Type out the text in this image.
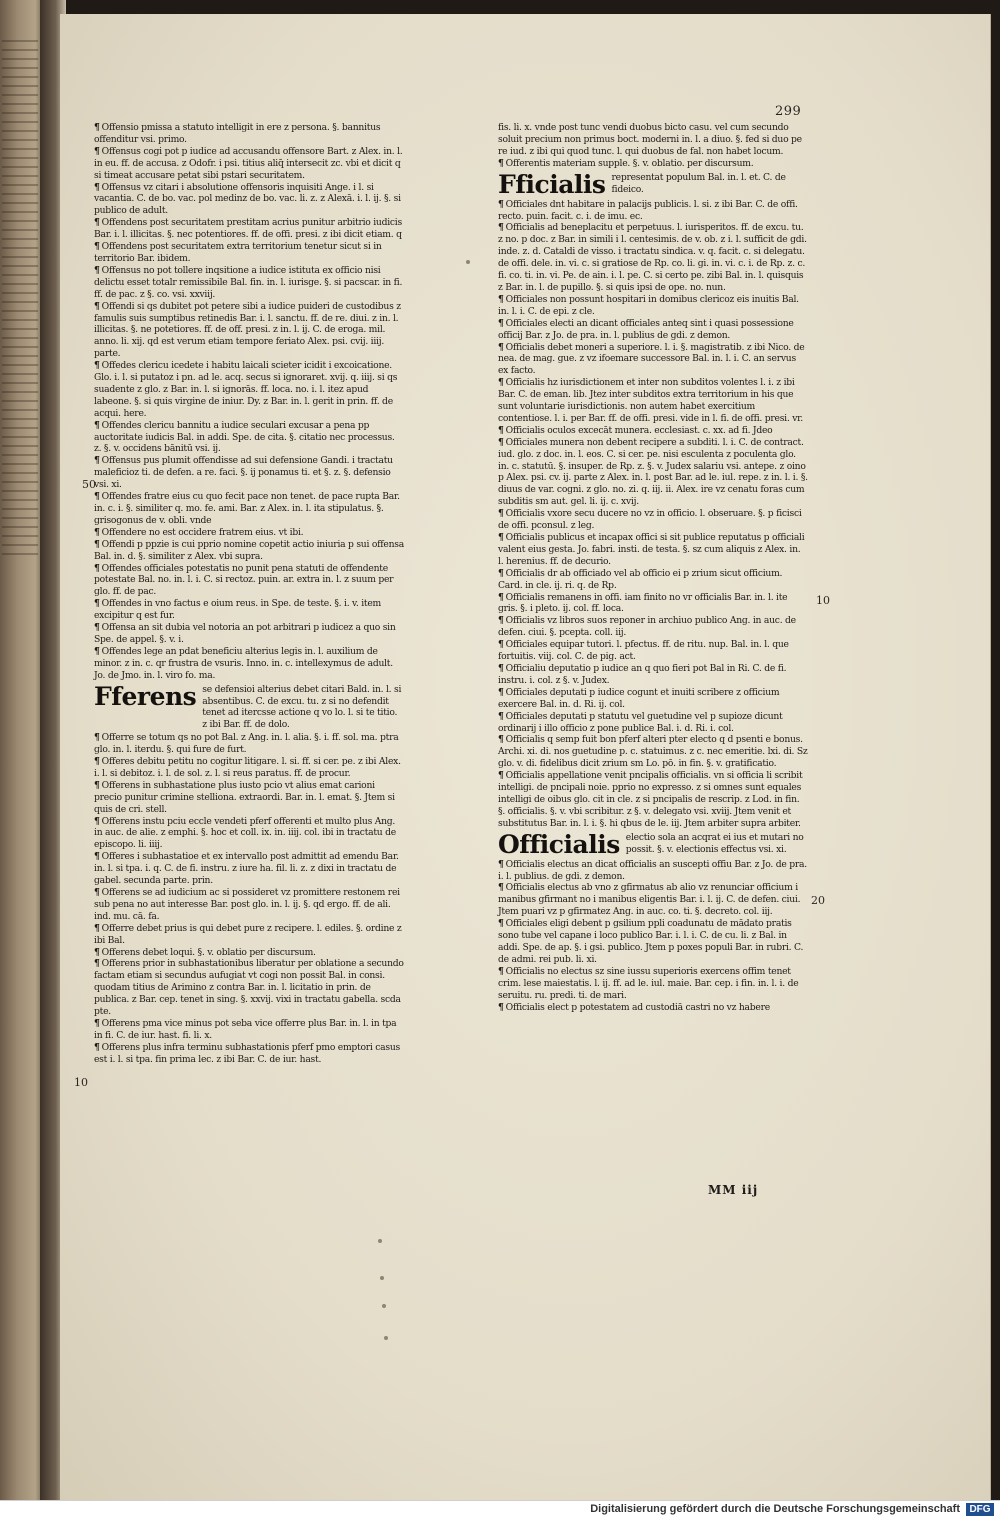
299
50
10
10
20

¶ Offensio pmissa a statuto intelligit in ere z persona. §. bannitus offenditur vsi. primo.

¶ Offensus cogi pot p iudice ad accusandu offensore Bart. z Alex. in. l. in eu. ff. de accusa. z Odofr. i psi. titius aliq̄ intersecit zc. vbi et dicit q si timeat accusare petat sibi pstari securitatem.

¶ Offensus vz citari i absolutione offensoris inquisiti Ange. i l. si vacantia. C. de bo. vac. pol medinz de bo. vac. li. z. z Alexā. i. l. ij. §. si publico de adult.

¶ Offendens post securitatem prestitam acrius punitur arbitrio iudicis Bar. i. l. illicitas. §. nec potentiores. ff. de offi. presi. z ibi dicit etiam. q

¶ Offendens post securitatem extra territorium tenetur sicut si in territorio Bar. ibidem.

¶ Offensus no pot tollere inqsitione a iudice istituta ex officio nisi delictu esset totalr remissibile Bal. fin. in. l. iurisge. §. si pacscar. in fi. ff. de pac. z §. co. vsi. xxviij.

¶ Offendi si qs dubitet pot petere sibi a iudice puideri de custodibus z famulis suis sumptibus retinedis Bar. i. l. sanctu. ff. de re. diui. z in. l. illicitas. §. ne potetiores. ff. de off. presi. z in. l. ij. C. de eroga. mil. anno. li. xij. qd est verum etiam tempore feriato Alex. psi. cvij. iiij. parte.

¶ Offedes clericu icedete i habitu laicali scieter icidit i excoicatione. Glo. i. l. si putatoz i pn. ad le. acq. secus si ignoraret. xvij. q. iiij. si qs suadente z glo. z Bar. in. l. si ignorās. ff. loca. no. i. l. itez apud labeone. §. si quis virgine de iniur. Dy. z Bar. in. l. gerit in prin. ff. de acqui. here.

¶ Offendes clericu bannitu a iudice seculari excusar a pena pp auctoritate iudicis Bal. in addi. Spe. de cita. §. citatio nec processus. z. §. v. occidens bānitū vsi. ij.

¶ Offensus pus plumit offendisse ad sui defensione Gandi. i tractatu maleficioz ti. de defen. a re. faci. §. ij ponamus ti. et §. z. §. defensio vsi. xi.

¶ Offendes fratre eius cu quo fecit pace non tenet. de pace rupta Bar. in. c. i. §. similiter q. mo. fe. ami. Bar. z Alex. in. l. ita stipulatus. §. grisogonus de v. obli. vnde

¶ Offendere no est occidere fratrem eius. vt ibi.

¶ Offendi p ppzie is cui pprio nomine copetit actio iniuria p sui offensa Bal. in. d. §. similiter z Alex. vbi supra.

¶ Offendes officiales potestatis no punit pena statuti de offendente potestate Bal. no. in. l. i. C. si rectoz. puin. ar. extra in. l. z suum per glo. ff. de pac.

¶ Offendes in vno factus e oium reus. in Spe. de teste. §. i. v. item excipitur q est fur.

¶ Offensa an sit dubia vel notoria an pot arbitrari p iudicez a quo sin Spe. de appel. §. v. i.

¶ Offendes lege an pdat beneficiu alterius legis in. l. auxilium de minor. z in. c. qr frustra de vsuris. Inno. in. c. intellexymus de adult. Jo. de Jmo. in. l. viro fo. ma.

Fferens se defensioi alterius debet citari Bald. in. l. si absentibus. C. de excu. tu. z si no defendit tenet ad itercsse actione q vo lo. l. si te titio. z ibi Bar. ff. de dolo.

¶ Offerre se totum qs no pot Bal. z Ang. in. l. alia. §. i. ff. sol. ma. ptra glo. in. l. iterdu. §. qui fure de furt.

¶ Offeres debitu petitu no cogitur litigare. l. si. ff. si cer. pe. z ibi Alex. i. l. si debitoz. i. l. de sol. z. l. si reus paratus. ff. de procur.

¶ Offerens in subhastatione plus iusto pcio vt alius emat carioni precio punitur crimine stelliona. extraordi. Bar. in. l. emat. §. Jtem si quis de cri. stell.

¶ Offerens instu pciu eccle vendeti pferf offerenti et multo plus Ang. in auc. de alie. z emphi. §. hoc et coll. ix. in. iiij. col. ibi in tractatu de episcopo. li. iiij.

¶ Offeres i subhastatioe et ex intervallo post admittit ad emendu Bar. in. l. si tpa. i. q. C. de fi. instru. z iure ha. fil. li. z. z dixi in tractatu de gabel. secunda parte. prin.

¶ Offerens se ad iudicium ac si possideret vz promittere restonem rei sub pena no aut interesse Bar. post glo. in. l. ij. §. qd ergo. ff. de ali. ind. mu. cā. fa.

¶ Offerre debet prius is qui debet pure z recipere. l. ediles. §. ordine z ibi Bal.

¶ Offerens debet loqui. §. v. oblatio per discursum.

¶ Offerens prior in subhastationibus liberatur per oblatione a secundo factam etiam si secundus aufugiat vt cogi non possit Bal. in consi. quodam titius de Arimino z contra Bar. in. l. licitatio in prin. de publica. z Bar. cep. tenet in sing. §. xxvij. vixi in tractatu gabella. scda pte.

¶ Offerens pma vice minus pot seba vice offerre plus Bar. in. l. in tpa in fi. C. de iur. hast. fi. li. x.

¶ Offerens plus infra terminu subhastationis pferf pmo emptori casus est i. l. si tpa. fin prima lec. z ibi Bar. C. de iur. hast.

fis. li. x. vnde post tunc vendi duobus bicto casu. vel cum secundo soluit precium non primus boct. moderni in. l. a diuo. §. fed si duo pe re iud. z ibi qui quod tunc. l. qui duobus de fal. non habet locum.

¶ Offerentis materiam supple. §. v. oblatio. per discursum.

Fficialis representat populum Bal. in. l. et. C. de fideico.

¶ Officiales dnt habitare in palacijs publicis. l. si. z ibi Bar. C. de offi. recto. puin. facit. c. i. de imu. ec.

¶ Officialis ad beneplacitu et perpetuus. l. iurisperitos. ff. de excu. tu. z no. p doc. z Bar. in simili i l. centesimis. de v. ob. z i. l. sufficit de gdi. inde. z. d. Cataldi de visso. i tractatu sindica. v. q. facit. c. si delegatu. de offi. dele. in. vi. c. si gratiose de Rp. co. li. gi. in. vi. c. i. de Rp. z. c. fi. co. ti. in. vi. Pe. de ain. i. l. pe. C. si certo pe. zibi Bal. in. l. quisquis z Bar. in. l. de pupillo. §. si quis ipsi de ope. no. nun.

¶ Officiales non possunt hospitari in domibus clericoz eis inuitis Bal. in. l. i. C. de epi. z cle.

¶ Officiales electi an dicant officiales anteq sint i quasi possessione officij Bar. z Jo. de pra. in. l. publius de gdi. z demon.

¶ Officialis debet moneri a superiore. l. i. §. magistratib. z ibi Nico. de nea. de mag. gue. z vz ifoemare successore Bal. in. l. i. C. an servus ex facto.

¶ Officialis hz iurisdictionem et inter non subditos volentes l. i. z ibi Bar. C. de eman. lib. Jtez inter subditos extra territorium in his que sunt voluntarie iurisdictionis. non autem habet exercitium contentiose. l. i. per Bar. ff. de offi. presi. vide in l. fi. de offi. presi. vr.

¶ Officialis oculos excecāt munera. ecclesiast. c. xx. ad fi. Jdeo

¶ Officiales munera non debent recipere a subditi. l. i. C. de contract. iud. glo. z doc. in. l. eos. C. si cer. pe. nisi esculenta z poculenta glo. in. c. statutū. §. insuper. de Rp. z. §. v. Judex salariu vsi. antepe. z oino p Alex. psi. cv. ij. parte z Alex. in. l. post Bar. ad le. iul. repe. z in. l. i. §. diuus de var. cogni. z glo. no. zi. q. iij. ii. Alex. ire vz cenatu foras cum subditis sm aut. gel. li. ij. c. xvij.

¶ Officialis vxore secu ducere no vz in officio. l. obseruare. §. p ficisci de offi. pconsul. z leg.

¶ Officialis publicus et incapax offici si sit publice reputatus p officiali valent eius gesta. Jo. fabri. insti. de testa. §. sz cum aliquis z Alex. in. l. herenius. ff. de decurio.

¶ Officialis dr ab officiado vel ab officio ei p zrium sicut officium. Card. in cle. ij. ri. q. de Rp.

¶ Officialis remanens in offi. iam finito no vr officialis Bar. in. l. ite gris. §. i pleto. ij. col. ff. loca.

¶ Officialis vz libros suos reponer in archiuo publico Ang. in auc. de defen. ciui. §. pcepta. coll. iij.

¶ Officiales equipar tutori. l. pfectus. ff. de ritu. nup. Bal. in. l. que fortuitis. viij. col. C. de pig. act.

¶ Officialiu deputatio p iudice an q quo fieri pot Bal in Ri. C. de fi. instru. i. col. z §. v. Judex.

¶ Officiales deputati p iudice cogunt et inuiti scribere z officium exercere Bal. in. d. Ri. ij. col.

¶ Officiales deputati p statutu vel guetudine vel p supioze dicunt ordinarij i illo officio z pone publice Bal. i. d. Ri. i. col.

¶ Officialis q semp fuit bon pferf alteri pter electo q d psenti e bonus. Archi. xi. di. nos guetudine p. c. statuimus. z c. nec emeritie. lxi. di. Sz glo. v. di. fidelibus dicit zrium sm Lo. pō. in fin. §. v. gratificatio.

¶ Officialis appellatione venit pncipalis officialis. vn si officia li scribit intelligi. de pncipali noie. pprio no expresso. z si omnes sunt equales intelligi de oibus glo. cit in cle. z si pncipalis de rescrip. z Lod. in fin. §. officialis. §. v. vbi scribitur. z §. v. delegato vsi. xviij. Jtem venit et substitutus Bar. in. l. i. §. hi qbus de le. iij. Jtem arbiter supra arbiter.

Officialis electio sola an acqrat ei ius et mutari no possit. §. v. electionis effectus vsi. xi.

¶ Officialis electus an dicat officialis an suscepti offiu Bar. z Jo. de pra. i. l. publius. de gdi. z demon.

¶ Officialis electus ab vno z gfirmatus ab alio vz renunciar officium i manibus gfirmant no i manibus eligentis Bar. i. l. ij. C. de defen. ciui. Jtem puari vz p gfirmatez Ang. in auc. co. ti. §. decreto. col. iij.

¶ Officiales eligi debent p gsilium ppli coadunatu de mādato pratis sono tube vel capane i loco publico Bar. i. l. i. C. de cu. li. z Bal. in addi. Spe. de ap. §. i gsi. publico. Jtem p poxes populi Bar. in rubri. C. de admi. rei pub. li. xi.

¶ Officialis no electus sz sine iussu superioris exercens offim tenet crim. lese maiestatis. l. ij. ff. ad le. iul. maie. Bar. cep. i fin. in. l. i. de seruitu. ru. predi. ti. de mari.

¶ Officialis elect p potestatem ad custodiā castri no vz habere

MM iij
Digitalisierung gefördert durch die Deutsche Forschungsgemeinschaft DFG
